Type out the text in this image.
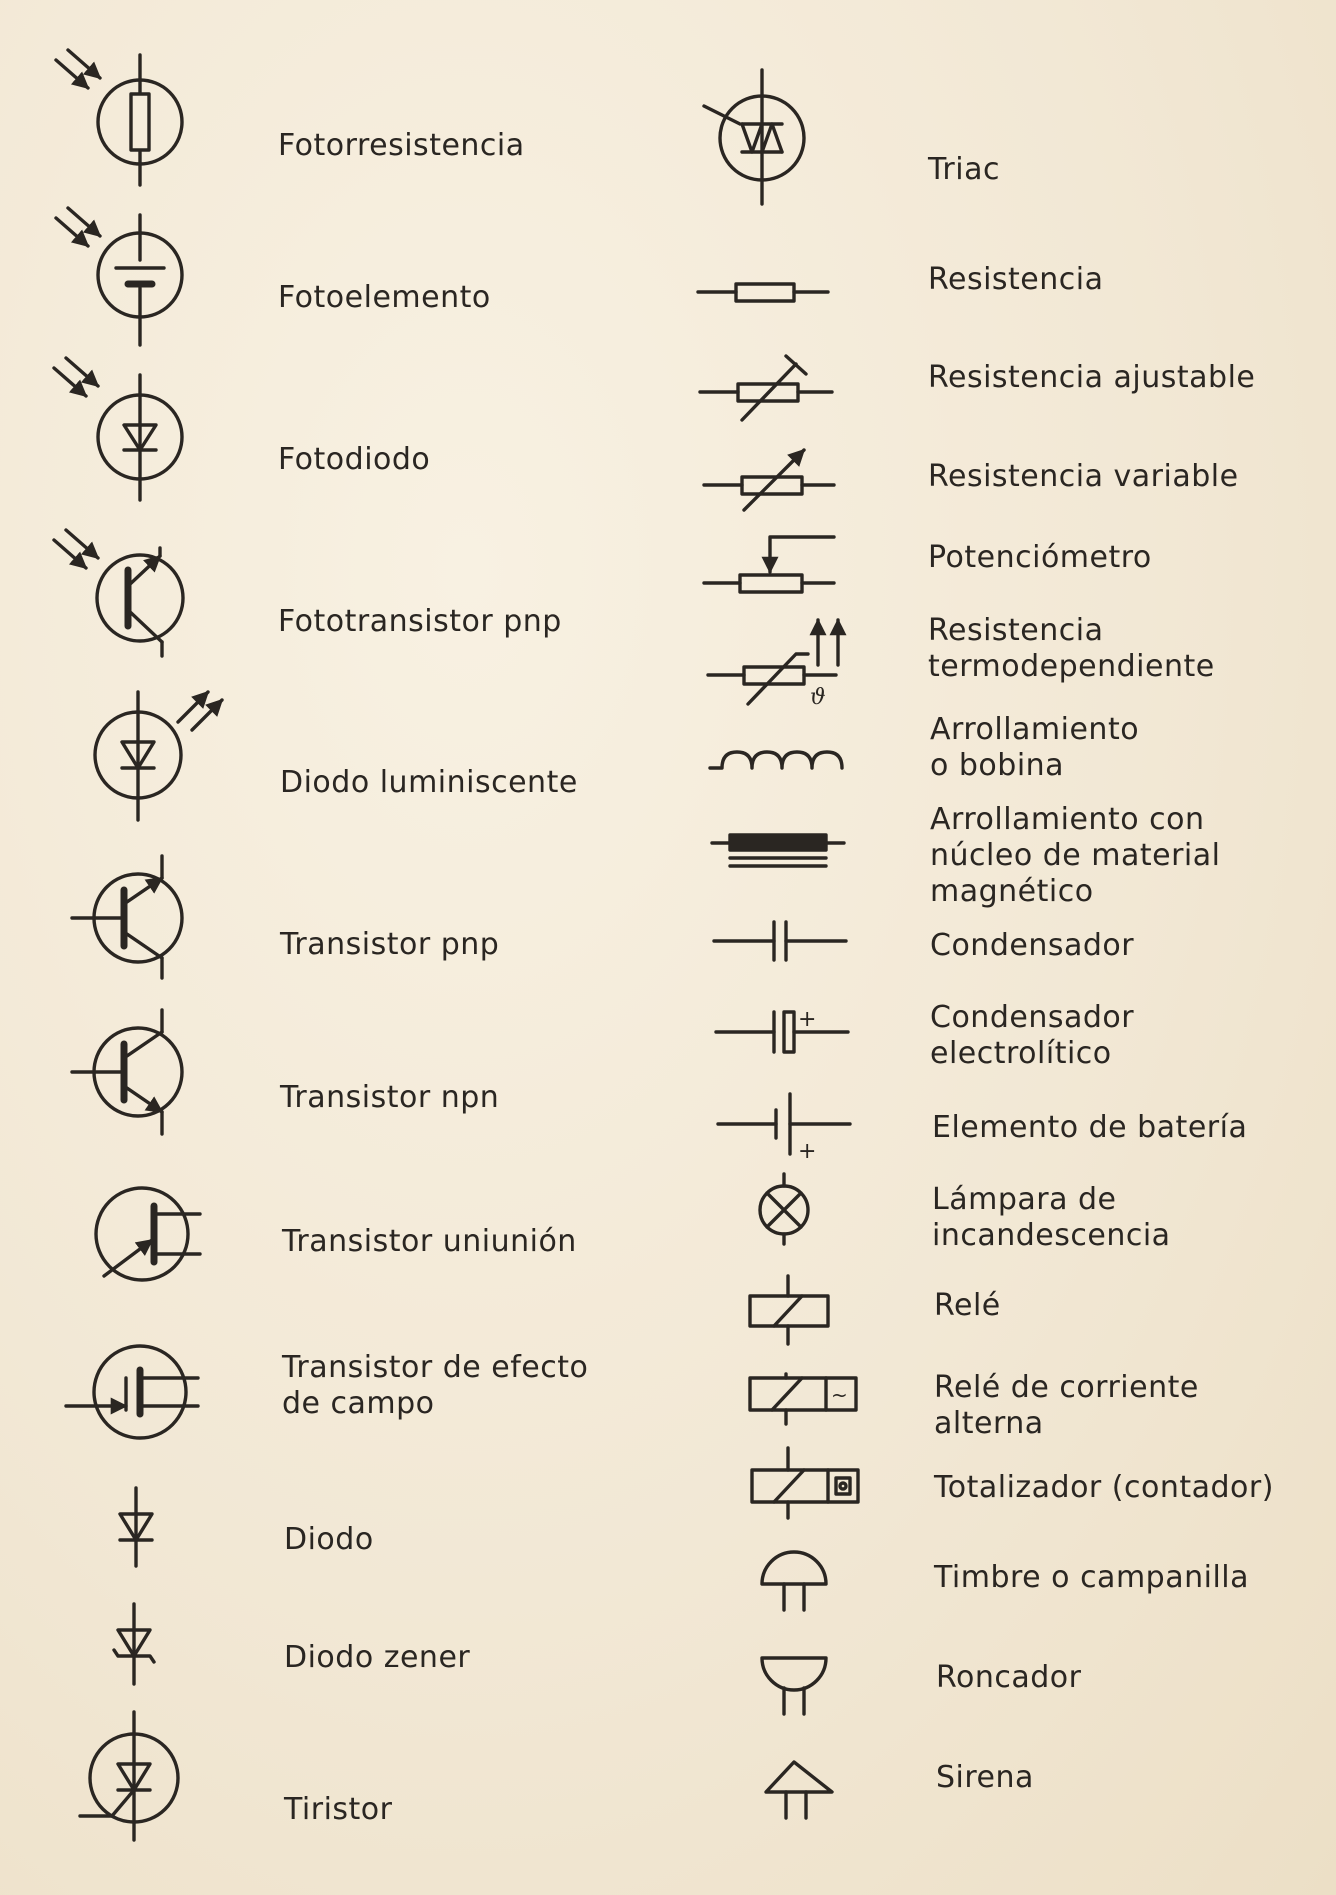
ϑ
+
+
~

Fotorresistencia

Fotoelemento

Fotodiodo

Fototransistor pnp

Diodo luminiscente

Transistor pnp

Transistor npn

Transistor uniunión

Transistor de efecto
de campo

Diodo

Diodo zener

Tiristor

Triac

Resistencia

Resistencia ajustable

Resistencia variable

Potenciómetro

Resistencia
termodependiente

Arrollamiento
o bobina

Arrollamiento con
núcleo de material
magnético

Condensador

Condensador
electrolítico

Elemento de batería

Lámpara de
incandescencia

Relé

Relé de corriente
alterna

Totalizador (contador)

Timbre o campanilla

Roncador

Sirena
